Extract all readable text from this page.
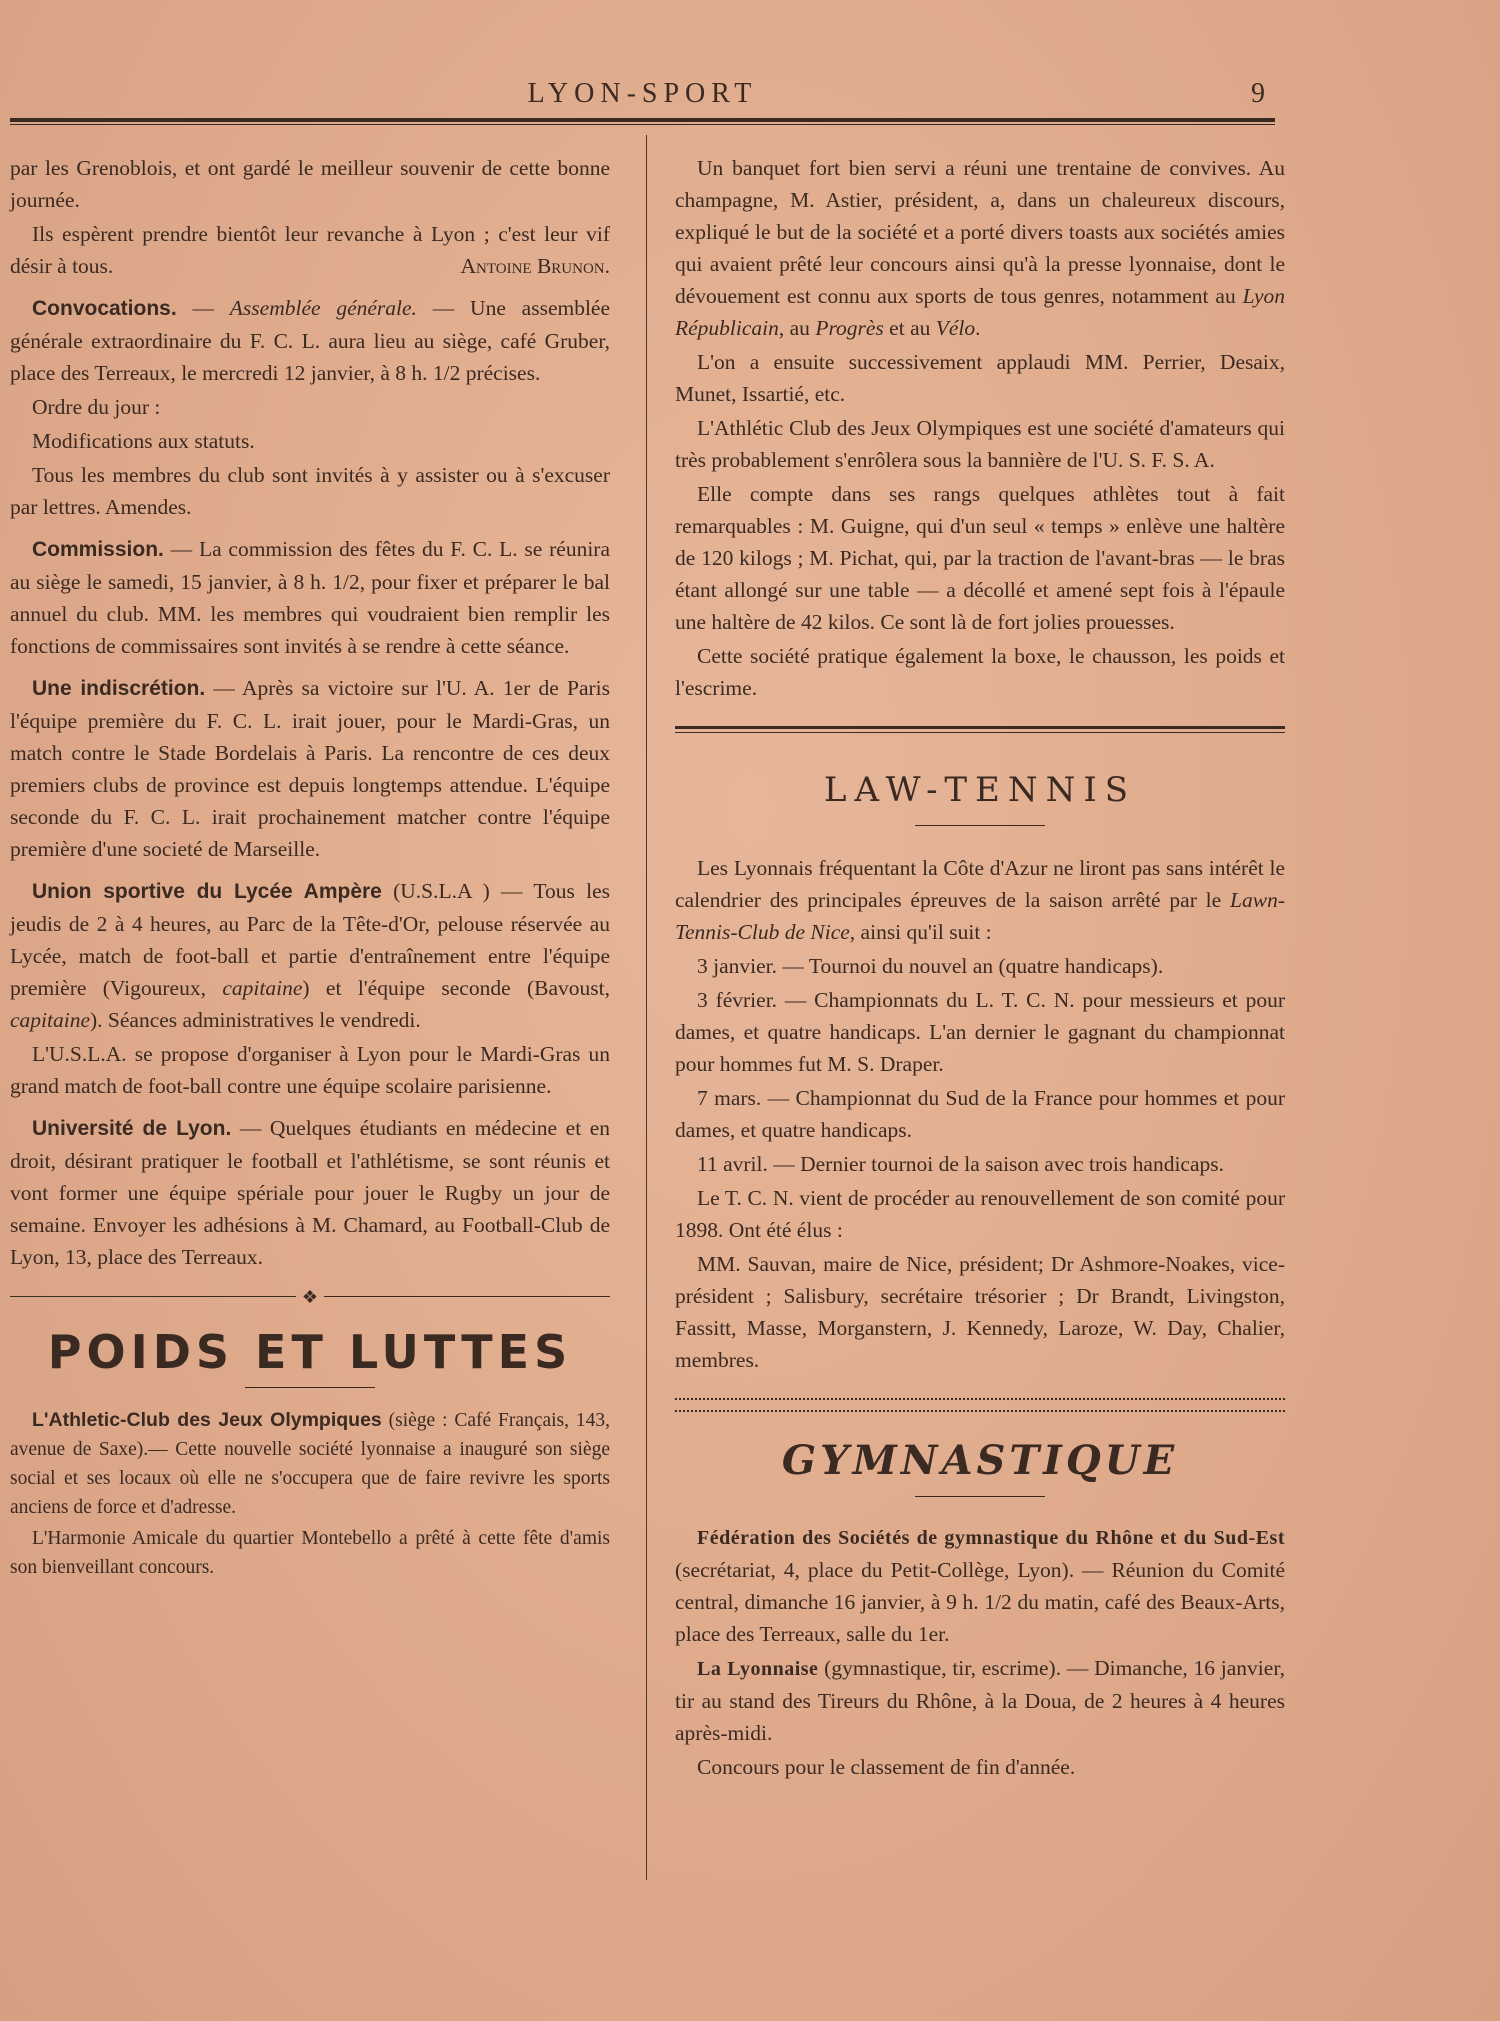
LYON-SPORT	9

par les Grenoblois, et ont gardé le meilleur souvenir de cette bonne journée.

Ils espèrent prendre bientôt leur revanche à Lyon ; c'est leur vif désir à tous.	Antoine Brunon.

Convocations. — Assemblée générale. — Une assemblée générale extraordinaire du F. C. L. aura lieu au siège, café Gruber, place des Terreaux, le mercredi 12 janvier, à 8 h. 1/2 précises.

Ordre du jour :

Modifications aux statuts.

Tous les membres du club sont invités à y assister ou à s'excuser par lettres. Amendes.

Commission. — La commission des fêtes du F. C. L. se réunira au siège le samedi, 15 janvier, à 8 h. 1/2, pour fixer et préparer le bal annuel du club. MM. les membres qui voudraient bien remplir les fonctions de commissaires sont invités à se rendre à cette séance.

Une indiscrétion. — Après sa victoire sur l'U. A. 1er de Paris l'équipe première du F. C. L. irait jouer, pour le Mardi-Gras, un match contre le Stade Bordelais à Paris. La rencontre de ces deux premiers clubs de province est depuis longtemps attendue. L'équipe seconde du F. C. L. irait prochainement matcher contre l'équipe première d'une societé de Marseille.

Union sportive du Lycée Ampère (U.S.L.A ) — Tous les jeudis de 2 à 4 heures, au Parc de la Tête-d'Or, pelouse réservée au Lycée, match de foot-ball et partie d'entraînement entre l'équipe première (Vigoureux, capitaine) et l'équipe seconde (Bavoust, capitaine). Séances administratives le vendredi.

L'U.S.L.A. se propose d'organiser à Lyon pour le Mardi-Gras un grand match de foot-ball contre une équipe scolaire parisienne.

Université de Lyon. — Quelques étudiants en médecine et en droit, désirant pratiquer le football et l'athlétisme, se sont réunis et vont former une équipe spériale pour jouer le Rugby un jour de semaine. Envoyer les adhésions à M. Chamard, au Football-Club de Lyon, 13, place des Terreaux.

❖
POIDS ET LUTTES

L'Athletic-Club des Jeux Olympiques (siège : Café Français, 143, avenue de Saxe).— Cette nouvelle société lyonnaise a inauguré son siège social et ses locaux où elle ne s'occupera que de faire revivre les sports anciens de force et d'adresse.

L'Harmonie Amicale du quartier Montebello a prêté à cette fête d'amis son bienveillant concours.

Un banquet fort bien servi a réuni une trentaine de convives. Au champagne, M. Astier, président, a, dans un chaleureux discours, expliqué le but de la société et a porté divers toasts aux sociétés amies qui avaient prêté leur concours ainsi qu'à la presse lyonnaise, dont le dévouement est connu aux sports de tous genres, notamment au Lyon Républicain, au Progrès et au Vélo.

L'on a ensuite successivement applaudi MM. Perrier, Desaix, Munet, Issartié, etc.

L'Athlétic Club des Jeux Olympiques est une société d'amateurs qui très probablement s'enrôlera sous la bannière de l'U. S. F. S. A.

Elle compte dans ses rangs quelques athlètes tout à fait remarquables : M. Guigne, qui d'un seul « temps » enlève une haltère de 120 kilogs ; M. Pichat, qui, par la traction de l'avant-bras — le bras étant allongé sur une table — a décollé et amené sept fois à l'épaule une haltère de 42 kilos. Ce sont là de fort jolies prouesses.

Cette société pratique également la boxe, le chausson, les poids et l'escrime.

LAW-TENNIS

Les Lyonnais fréquentant la Côte d'Azur ne liront pas sans intérêt le calendrier des principales épreuves de la saison arrêté par le Lawn-Tennis-Club de Nice, ainsi qu'il suit :

3 janvier. — Tournoi du nouvel an (quatre handicaps).

3 février. — Championnats du L. T. C. N. pour messieurs et pour dames, et quatre handicaps. L'an dernier le gagnant du championnat pour hommes fut M. S. Draper.

7 mars. — Championnat du Sud de la France pour hommes et pour dames, et quatre handicaps.

11 avril. — Dernier tournoi de la saison avec trois handicaps.

Le T. C. N. vient de procéder au renouvellement de son comité pour 1898. Ont été élus :

MM. Sauvan, maire de Nice, président; Dr Ashmore-Noakes, vice-président ; Salisbury, secrétaire trésorier ; Dr Brandt, Livingston, Fassitt, Masse, Morganstern, J. Kennedy, Laroze, W. Day, Chalier, membres.

GYMNASTIQUE

Fédération des Sociétés de gymnastique du Rhône et du Sud-Est (secrétariat, 4, place du Petit-Collège, Lyon). — Réunion du Comité central, dimanche 16 janvier, à 9 h. 1/2 du matin, café des Beaux-Arts, place des Terreaux, salle du 1er.

La Lyonnaise (gymnastique, tir, escrime). — Dimanche, 16 janvier, tir au stand des Tireurs du Rhône, à la Doua, de 2 heures à 4 heures après-midi.

Concours pour le classement de fin d'année.
